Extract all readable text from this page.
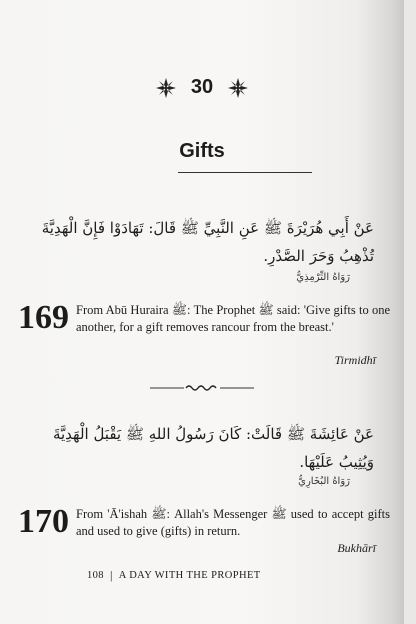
30
Gifts
عَنْ أَبِي هُرَيْرَةَ ﷺ عَنِ النَّبِيِّ ﷺ قَالَ: تَهَادَوْا فَإِنَّ الْهَدِيَّةَ
تُذْهِبُ وَحَرَ الصَّدْرِ.
رَوَاهُ التِّرْمِذِيُّ
169 From Abū Huraira ﷺ: The Prophet ﷺ said: 'Give gifts to one another, for a gift removes rancour from the breast.'
Tirmidhī
عَنْ عَائِشَةَ ﷺ قَالَتْ: كَانَ رَسُولُ اللهِ ﷺ يَقْبَلُ الْهَدِيَّةَ
وَيُثِيبُ عَلَيْهَا.
رَوَاهُ البُخَارِيُّ
170 From 'Ā'ishah ﷺ: Allah's Messenger ﷺ used to accept gifts and used to give (gifts) in return.
Bukhārī
108 | A DAY WITH THE PROPHET
